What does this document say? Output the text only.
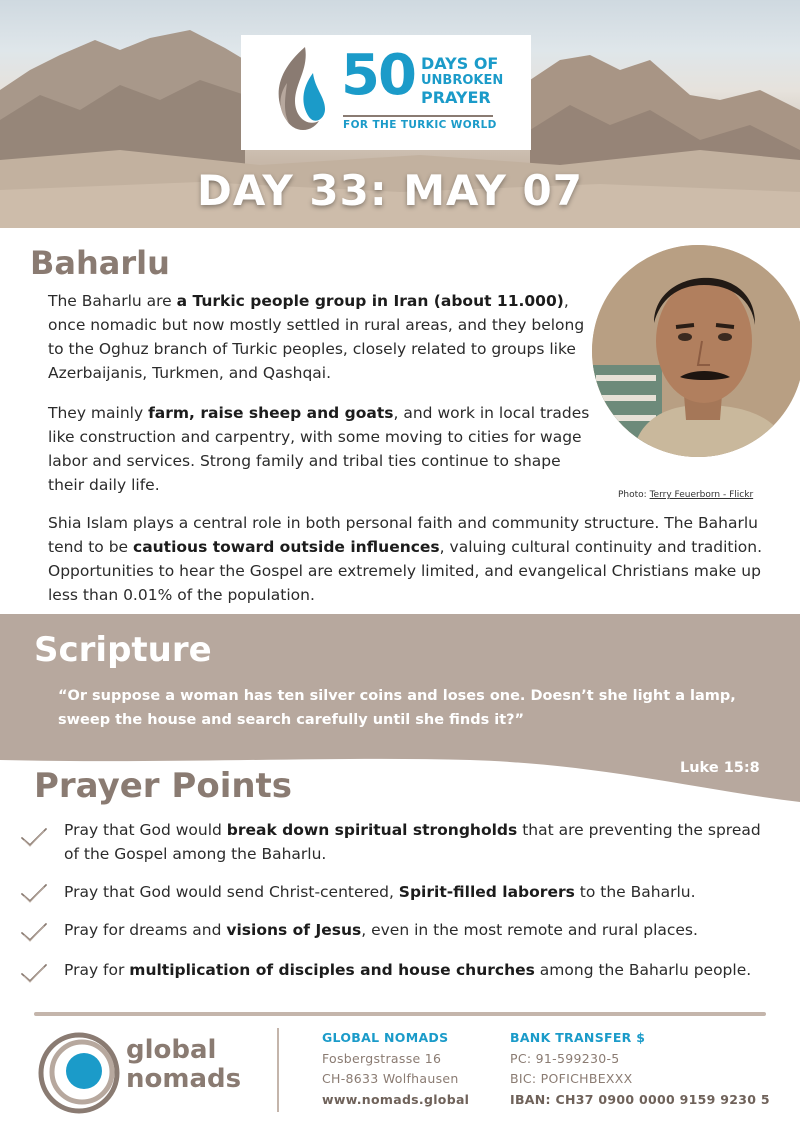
50 DAYS OF
UNBROKEN
PRAYER
FOR THE TURKIC WORLD
DAY 33: MAY 07
Baharlu
The Baharlu are a Turkic people group in Iran (about 11.000), once nomadic but now mostly settled in rural areas, and they belong to the Oghuz branch of Turkic peoples, closely related to groups like Azerbaijanis, Turkmen, and Qashqai.
They mainly farm, raise sheep and goats, and work in local trades like construction and carpentry, with some moving to cities for wage labor and services. Strong family and tribal ties continue to shape their daily life.
Photo: Terry Feuerborn - Flickr
Shia Islam plays a central role in both personal faith and community structure. The Baharlu tend to be cautious toward outside influences, valuing cultural continuity and tradition. Opportunities to hear the Gospel are extremely limited, and evangelical Christians make up less than 0.01% of the population.
Scripture
“Or suppose a woman has ten silver coins and loses one. Doesn’t she light a lamp, sweep the house and search carefully until she finds it?”
Luke 15:8
Prayer Points
Pray that God would break down spiritual strongholds that are preventing the spread of the Gospel among the Baharlu.
Pray that God would send Christ-centered, Spirit-filled laborers to the Baharlu.
Pray for dreams and visions of Jesus, even in the most remote and rural places.
Pray for multiplication of disciples and house churches among the Baharlu people.
global
nomads
GLOBAL NOMADS
Fosbergstrasse 16
CH-8633 Wolfhausen
www.nomads.global
BANK TRANSFER $
PC: 91-599230-5
BIC: POFICHBEXXX
IBAN: CH37 0900 0000 9159 9230 5
